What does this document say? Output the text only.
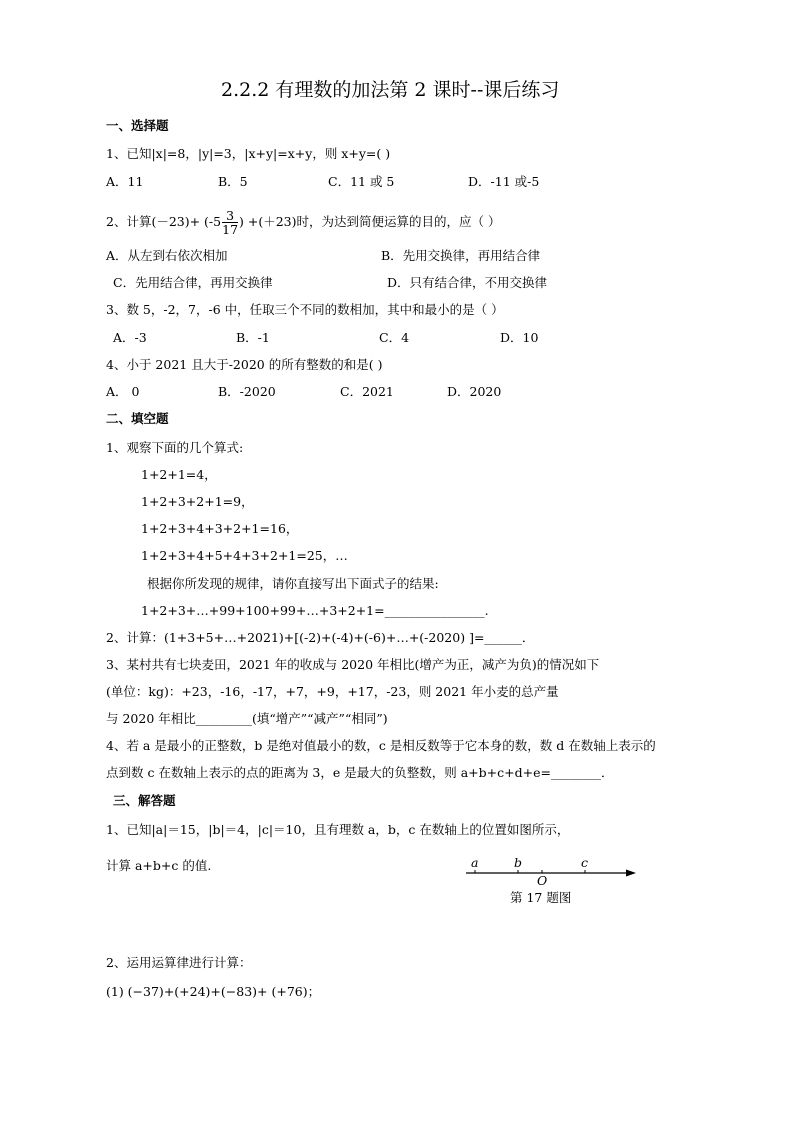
2.2.2 有理数的加法第 2 课时--课后练习
一、选择题
1、已知|x|=8，|y|=3，|x+y|=x+y，则 x+y=( )
A．11	B．5	C．11 或 5	D．-11 或-5
2、计算$(-23)+ (-5 \frac{3}{17}$ ) +(＋23)时，为达到简便运算的目的，应（ ）
A．从左到右依次相加	B．先用交换律，再用结合律
C．先用结合律，再用交换律	D．只有结合律，不用交换律
3、数 5，-2，7，-6 中，任取三个不同的数相加，其中和最小的是（ ）
A．-3	B．-1	C．4	D．10
4、小于 2021 且大于-2020 的所有整数的和是( )
A． 0	B．-2020	C．2021	D．2020
二、填空题
1、观察下面的几个算式:
1+2+1=4，
1+2+3+2+1=9，
1+2+3+4+3+2+1=16，
1+2+3+4+5+4+3+2+1=25，…
根据你所发现的规律，请你直接写出下面式子的结果:
1+2+3+…+99+100+99+…+3+2+1=________________.
2、计算：(1+3+5+…+2021)+[(-2)+(-4)+(-6)+…+(-2020) ]=______．
3、某村共有七块麦田，2021 年的收成与 2020 年相比(增产为正，减产为负)的情况如下
(单位：kg)：+23，-16，-17，+7，+9，+17，-23，则 2021 年小麦的总产量
与 2020 年相比_________(填“增产”“减产”“相同”)
4、若 a 是最小的正整数，b 是绝对值最小的数，c 是相反数等于它本身的数，数 d 在数轴上表示的
点到数 c 在数轴上表示的点的距离为 3，e 是最大的负整数，则 a+b+c+d+e=________．
三、解答题
1、已知|a|＝15，|b|＝4，|c|＝10，且有理数 a，b，c 在数轴上的位置如图所示，
计算 a+b+c 的值.	a	b
O
c
第 17 题图
2、运用运算律进行计算：
(1) (−37)+(+24)+(−83)+ (+76)；
